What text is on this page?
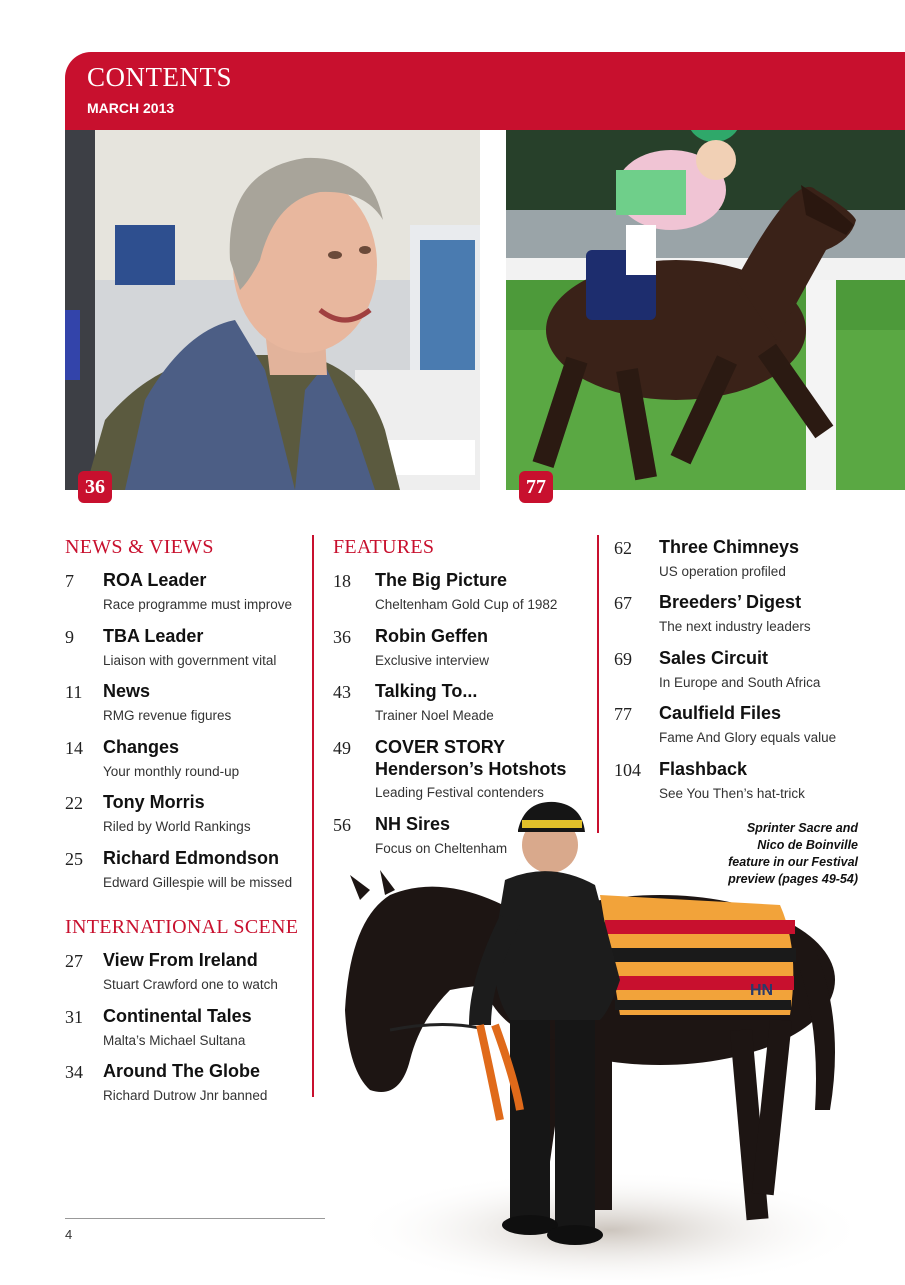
CONTENTS
MARCH 2013
36	77
NEWS & VIEWS
7 ROA Leader
Race programme must improve
9 TBA Leader
Liaison with government vital
11 News
RMG revenue figures
14 Changes
Your monthly round-up
22 Tony Morris
Riled by World Rankings
25 Richard Edmondson
Edward Gillespie will be missed
INTERNATIONAL SCENE
27 View From Ireland
Stuart Crawford one to watch
31 Continental Tales
Malta’s Michael Sultana
34 Around The Globe
Richard Dutrow Jnr banned
FEATURES
18 The Big Picture
Cheltenham Gold Cup of 1982
36 Robin Geffen
Exclusive interview
43 Talking To...
Trainer Noel Meade
49 COVER STORY
Henderson’s Hotshots
Leading Festival contenders
56 NH Sires
Focus on Cheltenham
62 Three Chimneys
US operation profiled
67 Breeders’ Digest
The next industry leaders
69 Sales Circuit
In Europe and South Africa
77 Caulfield Files
Fame And Glory equals value
104 Flashback
See You Then’s hat-trick
HN
Sprinter Sacre and
Nico de Boinville
feature in our Festival
preview (pages 49-54)
4
